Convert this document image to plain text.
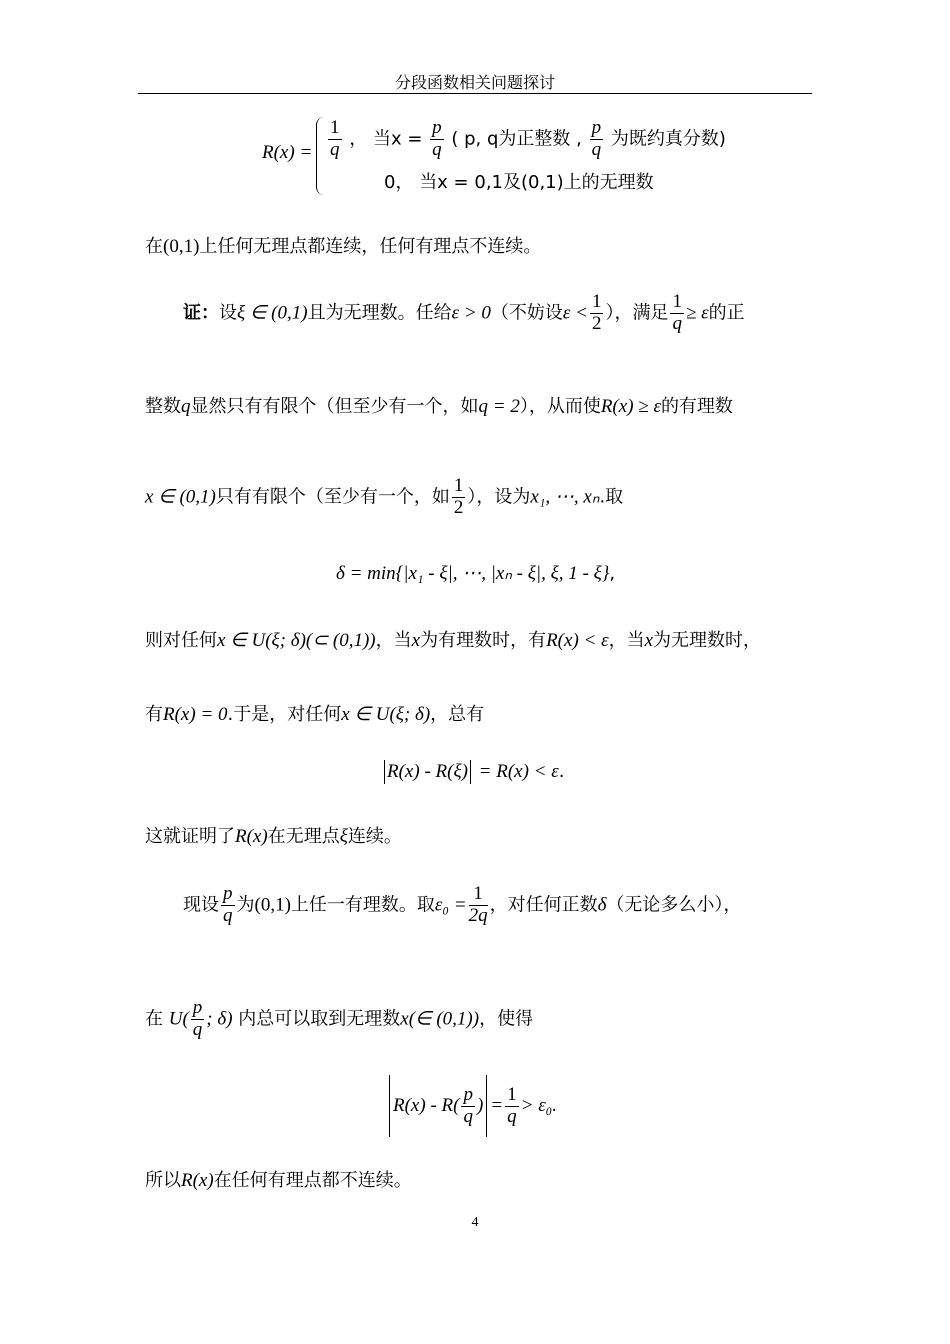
分段函数相关问题探讨
$R(x) = \frac{1}{q}$ ， 当$x = \frac{p}{q}$ ( p, q为正整数 , $\frac{p}{q}$ 为既约真分数)
0， 当x = 0,1及(0,1)上的无理数
在(0,1)上任何无理点都连续，任何有理点不连续。
证：设ξ ∈ (0,1)且为无理数。任给ε > 0（不妨设$\varepsilon < \frac{1}{2}$ ），满足 $\frac{1}{q} \ge \varepsilon$的正
整数q显然只有有限个（但至少有一个，如q = 2），从而使R(x) ≥ ε的有理数
x ∈ (0,1)只有有限个（至少有一个，如 $\frac{1}{2}$ ），设为x₁, ⋯, xₙ.取
δ = min{|x₁ - ξ|, ⋯, |xₙ - ξ|, ξ, 1 - ξ},
则对任何x ∈ U(ξ; δ)(⊂ (0,1))，当x为有理数时，有R(x) < ε，当x为无理数时，
有R(x) = 0.于是，对任何x ∈ U(ξ; δ)，总有
R(x) - R(ξ) = R(x) < ε.
这就证明了R(x)在无理点ξ连续。
现设 $\frac{p}{q}$ 为(0,1)上任一有理数。取$\varepsilon_0 = \frac{1}{2q}$ ，对任何正数δ（无论多么小），
在 $U( \frac{p}{q}$ ; δ) 内总可以取到无理数x(∈ (0,1))，使得
$R(x) - R( \frac{p}{q}$ ) = $\frac{1}{q} > \varepsilon_0$.
所以R(x)在任何有理点都不连续。
4
